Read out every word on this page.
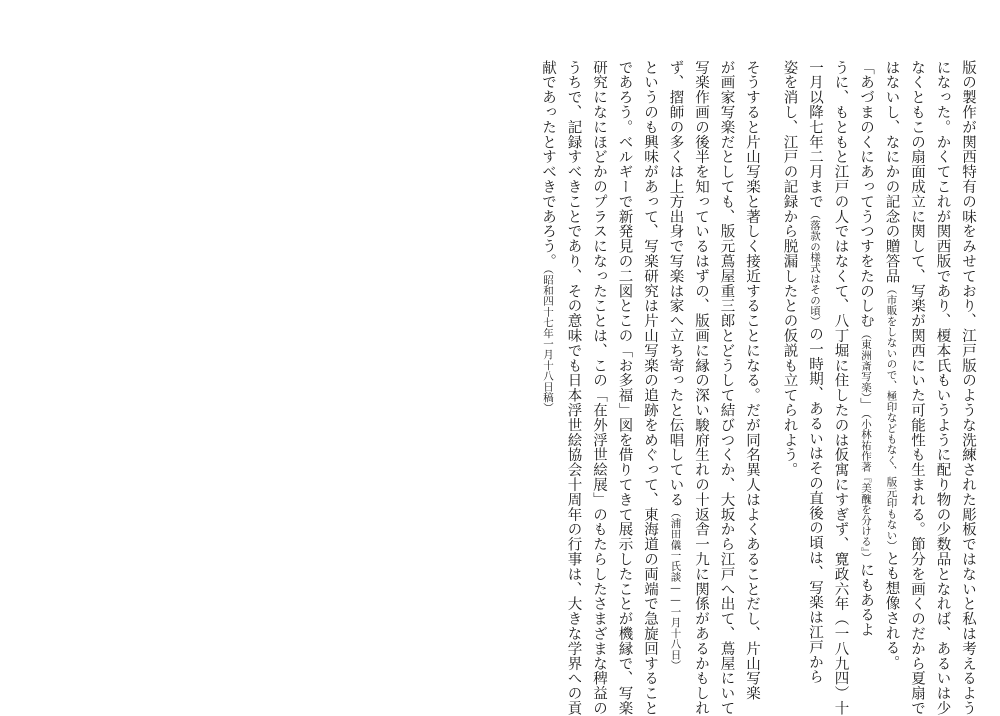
版の製作が関西特有の味をみせており、江戸版のような洗練された彫板ではないと私は考えるよう
になった。かくてこれが関西版であり、榎本氏もいうように配り物の少数品となれば、あるいは少
なくともこの扇面成立に関して、写楽が関西にいた可能性も生まれる。節分を画くのだから夏扇で
はないし、なにかの記念の贈答品（市販をしないので、極印などもなく、版元印もない）とも想像される。
「あづまのくにあってうつすをたのしむ（東洲斎写楽）」（小林祐作著『美醜を分ける』）にもあるよ
うに、もともと江戸の人ではなくて、八丁堀に住したのは仮寓にすぎず、寛政六年（一八九四）十
一月以降七年二月まで（落款の様式はその頃）の一時期、あるいはその直後の頃は、写楽は江戸から
姿を消し、江戸の記録から脱漏したとの仮説も立てられよう。
そうすると片山写楽と著しく接近することになる。だが同名異人はよくあることだし、片山写楽
が画家写楽だとしても、版元蔦屋重三郎とどうして結びつくか、大坂から江戸へ出て、蔦屋にいて
写楽作画の後半を知っているはずの、版画に縁の深い駿府生れの十返舎一九に関係があるかもしれ
ず、摺師の多くは上方出身で写楽は家へ立ち寄ったと伝唱している（浦田儀一氏談——一月十八日）
というのも興味があって、写楽研究は片山写楽の追跡をめぐって、東海道の両端で急旋回すること
であろう。ベルギーで新発見の二図とこの「お多福」図を借りてきて展示したことが機縁で、写楽
研究になにほどかのプラスになったことは、この「在外浮世絵展」のもたらしたさまざまな稗益の
うちで、記録すべきことであり、その意味でも日本浮世絵協会十周年の行事は、大きな学界への貢
献であったとすべきであろう。（昭和四十七年一月十八日稿）
